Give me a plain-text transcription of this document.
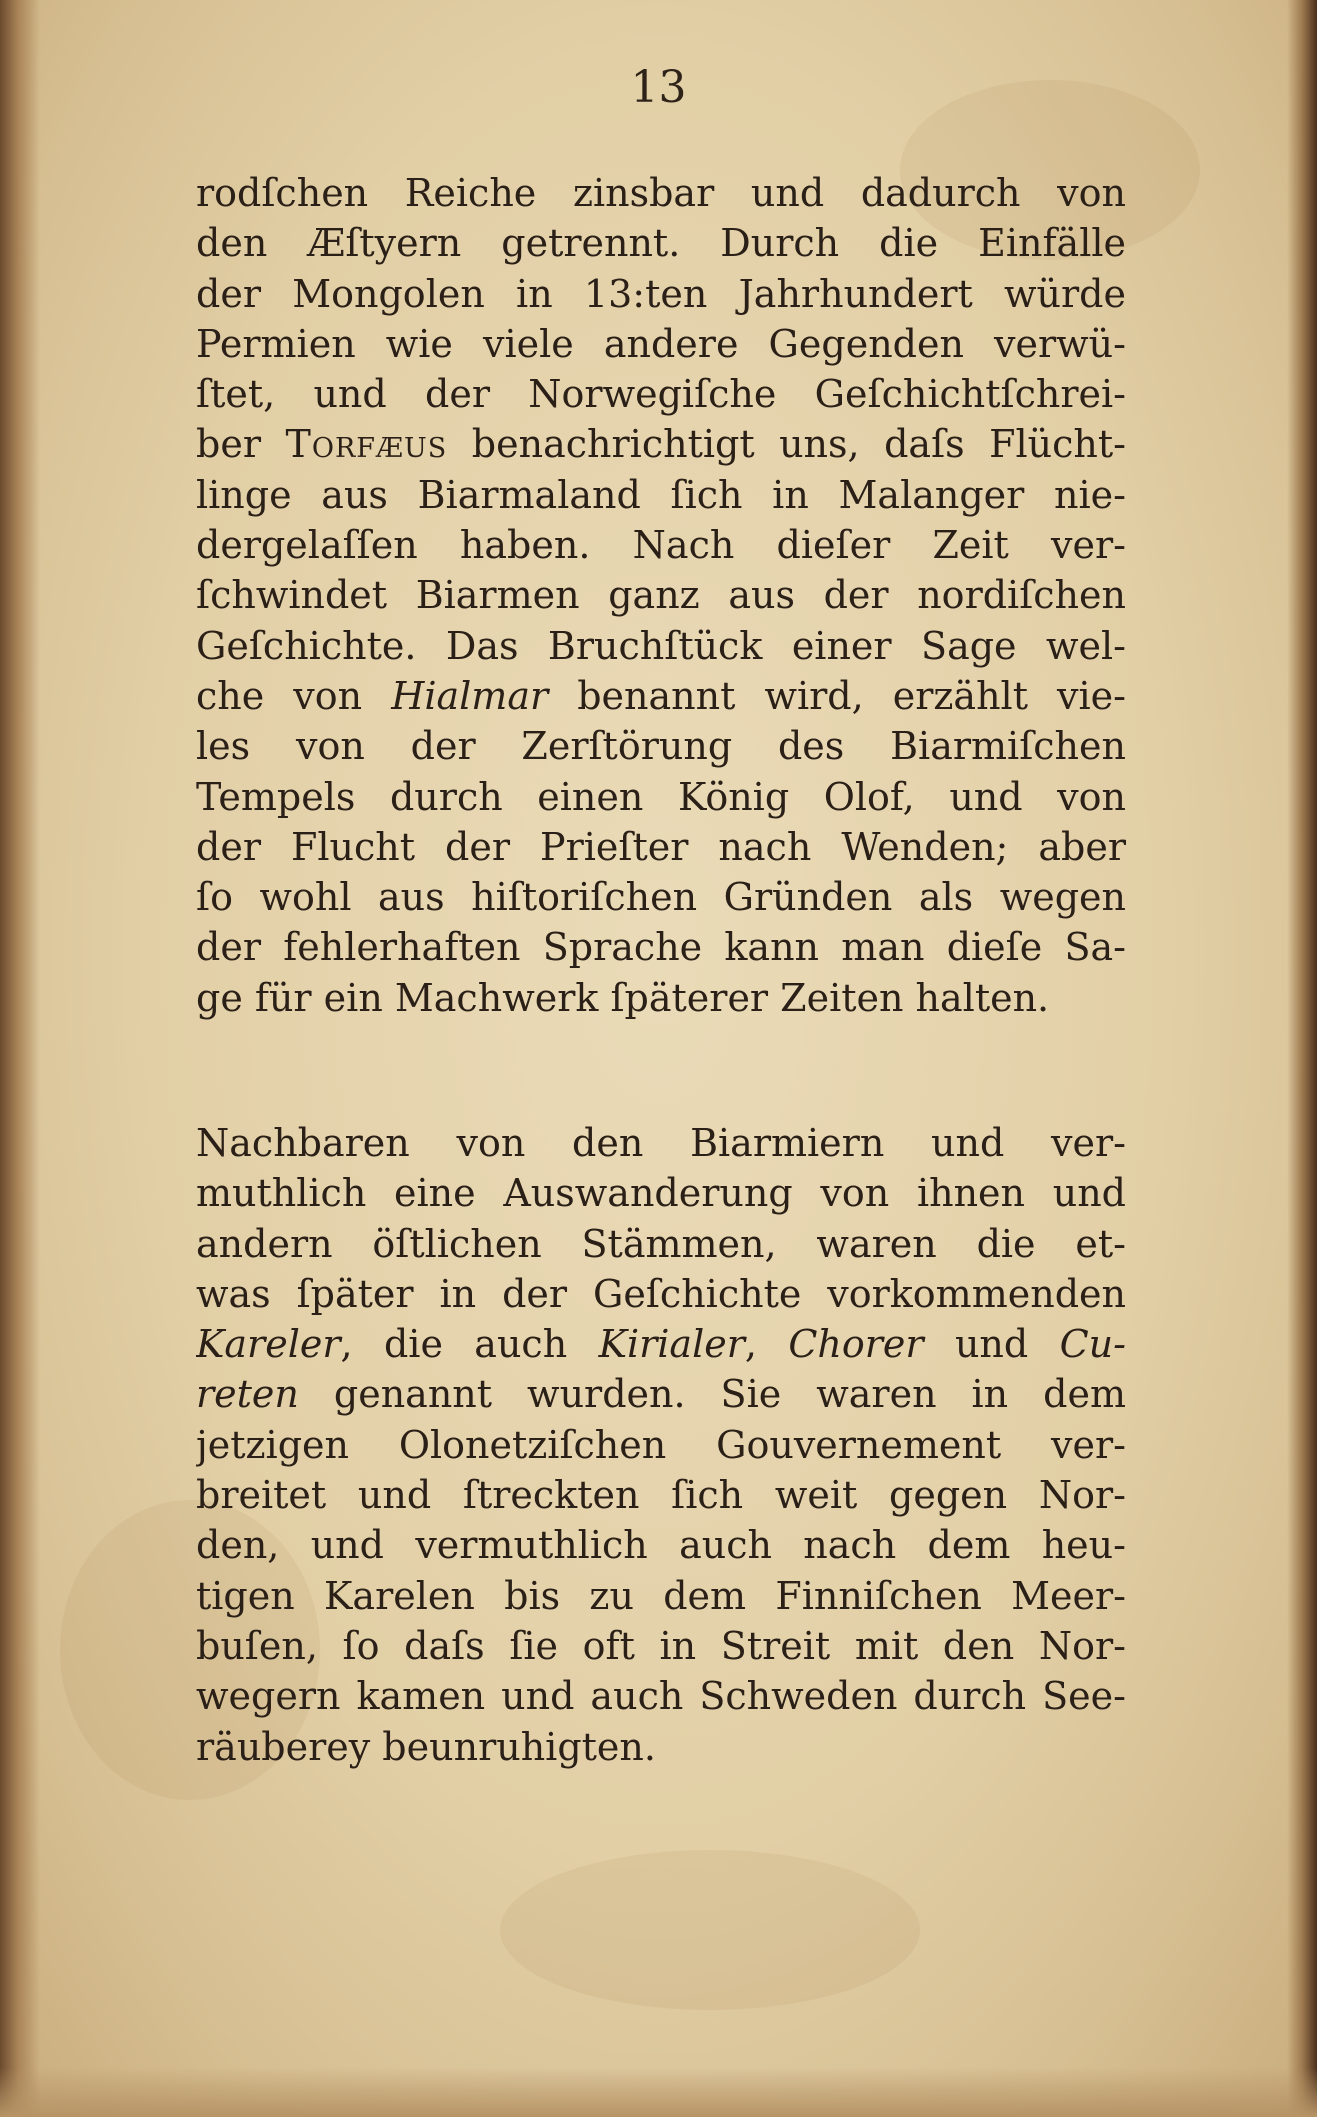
13
rodſchen Reiche zinsbar und dadurch von
den Æſtyern getrennt. Durch die Einfälle
der Mongolen in 13:ten Jahrhundert würde
Permien wie viele andere Gegenden verwü-
ſtet, und der Norwegiſche Geſchichtſchrei-
ber Torfæus benachrichtigt uns, daſs Flücht-
linge aus Biarmaland ſich in Malanger nie-
dergelaſſen haben. Nach dieſer Zeit ver-
ſchwindet Biarmen ganz aus der nordiſchen
Geſchichte. Das Bruchſtück einer Sage wel-
che von Hialmar benannt wird, erzählt vie-
les von der Zerſtörung des Biarmiſchen
Tempels durch einen König Olof, und von
der Flucht der Prieſter nach Wenden; aber
ſo wohl aus hiſtoriſchen Gründen als wegen
der fehlerhaften Sprache kann man dieſe Sa-
ge für ein Machwerk ſpäterer Zeiten halten.
Nachbaren von den Biarmiern und ver-
muthlich eine Auswanderung von ihnen und
andern öſtlichen Stämmen, waren die et-
was ſpäter in der Geſchichte vorkommenden
Kareler, die auch Kirialer, Chorer und Cu-
reten genannt wurden. Sie waren in dem
jetzigen Olonetziſchen Gouvernement ver-
breitet und ſtreckten ſich weit gegen Nor-
den, und vermuthlich auch nach dem heu-
tigen Karelen bis zu dem Finniſchen Meer-
buſen, ſo daſs ſie oft in Streit mit den Nor-
wegern kamen und auch Schweden durch See-
räuberey beunruhigten.
